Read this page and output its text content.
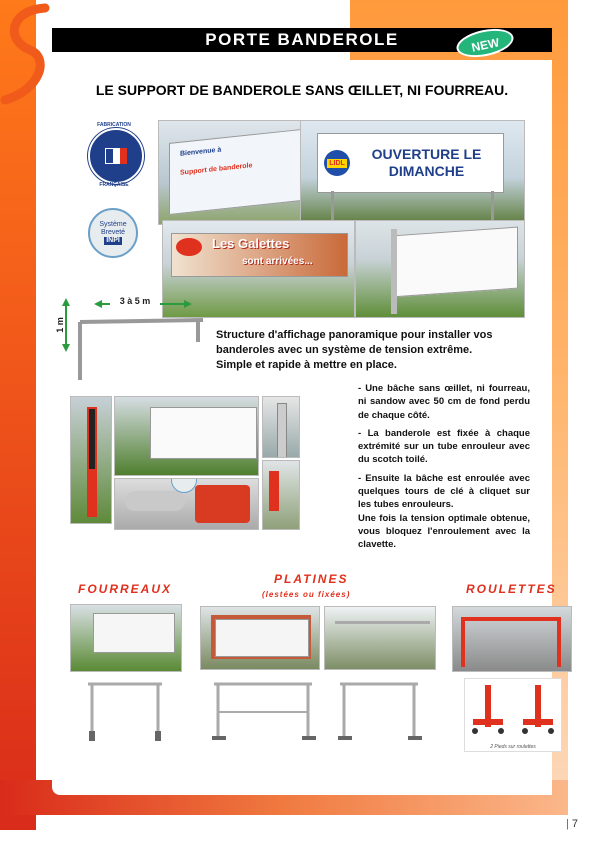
PORTE BANDEROLE	NEW
LE SUPPORT DE BANDEROLE SANS ŒILLET, NI FOURREAU.
FABRICATION
FRANÇAISE
Système
Breveté
INPI
Bienvenue à
Support de banderole	LIDL
OUVERTURE LE
DIMANCHE
Les Galettes
sont arrivées...
3 à 5 m
1 m
Structure d'affichage panoramique pour installer vos
banderoles avec un système de tension extrême.
Simple et rapide à mettre en place.
- Une bâche sans œillet, ni fourreau, ni sandow avec 50 cm de fond perdu de chaque côté.
- La banderole est fixée à chaque extrémité sur un tube enrouleur avec du scotch toilé.
- Ensuite la bâche est enroulée avec quelques tours de clé à cliquet sur les tubes enrouleurs.
Une fois la tension optimale obtenue, vous bloquez l'enroulement avec la clavette.
FOURREAUX
PLATINES
(lestées ou fixées)	ROULETTES
2 Pieds sur roulettes
| 7
